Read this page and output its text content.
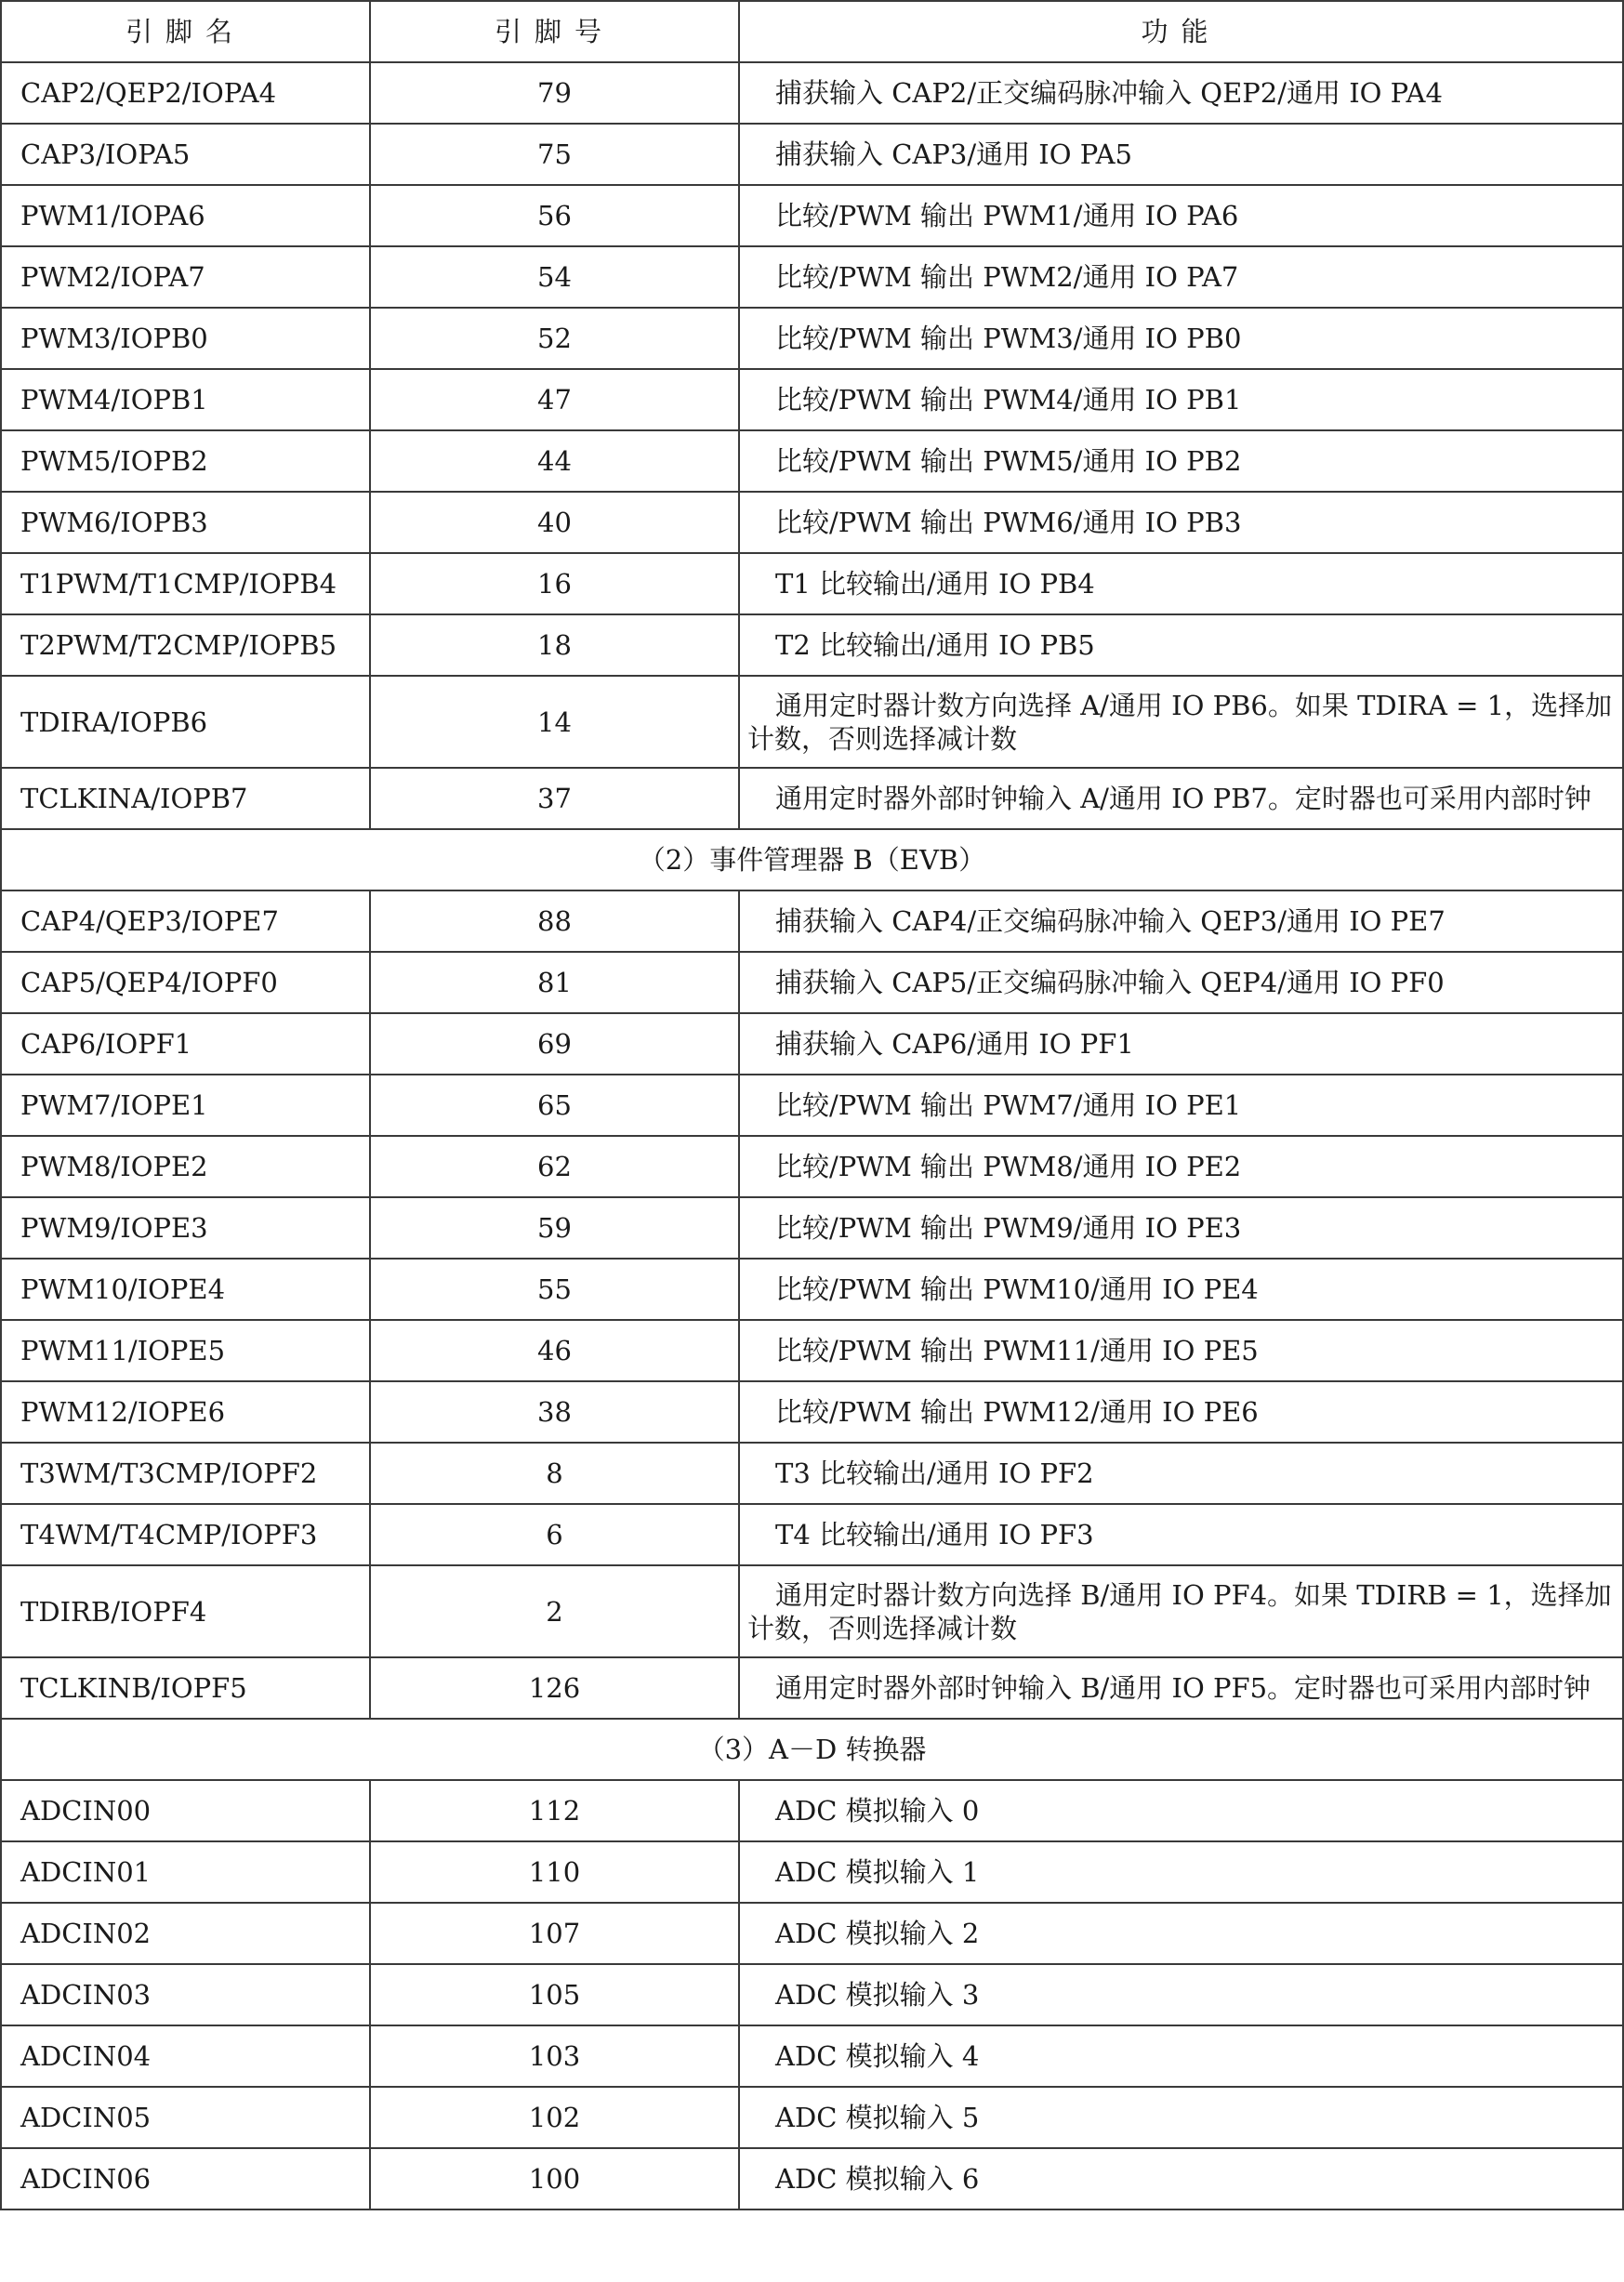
引脚名	引脚号	功能
CAP2/QEP2/IOPA4	79	捕获输入 CAP2/正交编码脉冲输入 QEP2/通用 IO PA4
CAP3/IOPA5	75	捕获输入 CAP3/通用 IO PA5
PWM1/IOPA6	56	比较/PWM 输出 PWM1/通用 IO PA6
PWM2/IOPA7	54	比较/PWM 输出 PWM2/通用 IO PA7
PWM3/IOPB0	52	比较/PWM 输出 PWM3/通用 IO PB0
PWM4/IOPB1	47	比较/PWM 输出 PWM4/通用 IO PB1
PWM5/IOPB2	44	比较/PWM 输出 PWM5/通用 IO PB2
PWM6/IOPB3	40	比较/PWM 输出 PWM6/通用 IO PB3
T1PWM/T1CMP/IOPB4	16	T1 比较输出/通用 IO PB4
T2PWM/T2CMP/IOPB5	18	T2 比较输出/通用 IO PB5
TDIRA/IOPB6	14	通用定时器计数方向选择 A/通用 IO PB6。如果 TDIRA = 1，选择加计数，否则选择减计数
TCLKINA/IOPB7	37	通用定时器外部时钟输入 A/通用 IO PB7。定时器也可采用内部时钟
（2）事件管理器 B（EVB）		
CAP4/QEP3/IOPE7	88	捕获输入 CAP4/正交编码脉冲输入 QEP3/通用 IO PE7
CAP5/QEP4/IOPF0	81	捕获输入 CAP5/正交编码脉冲输入 QEP4/通用 IO PF0
CAP6/IOPF1	69	捕获输入 CAP6/通用 IO PF1
PWM7/IOPE1	65	比较/PWM 输出 PWM7/通用 IO PE1
PWM8/IOPE2	62	比较/PWM 输出 PWM8/通用 IO PE2
PWM9/IOPE3	59	比较/PWM 输出 PWM9/通用 IO PE3
PWM10/IOPE4	55	比较/PWM 输出 PWM10/通用 IO PE4
PWM11/IOPE5	46	比较/PWM 输出 PWM11/通用 IO PE5
PWM12/IOPE6	38	比较/PWM 输出 PWM12/通用 IO PE6
T3WM/T3CMP/IOPF2	8	T3 比较输出/通用 IO PF2
T4WM/T4CMP/IOPF3	6	T4 比较输出/通用 IO PF3
TDIRB/IOPF4	2	通用定时器计数方向选择 B/通用 IO PF4。如果 TDIRB = 1，选择加计数，否则选择减计数
TCLKINB/IOPF5	126	通用定时器外部时钟输入 B/通用 IO PF5。定时器也可采用内部时钟
（3）A－D 转换器		
ADCIN00	112	ADC 模拟输入 0
ADCIN01	110	ADC 模拟输入 1
ADCIN02	107	ADC 模拟输入 2
ADCIN03	105	ADC 模拟输入 3
ADCIN04	103	ADC 模拟输入 4
ADCIN05	102	ADC 模拟输入 5
ADCIN06	100	ADC 模拟输入 6
